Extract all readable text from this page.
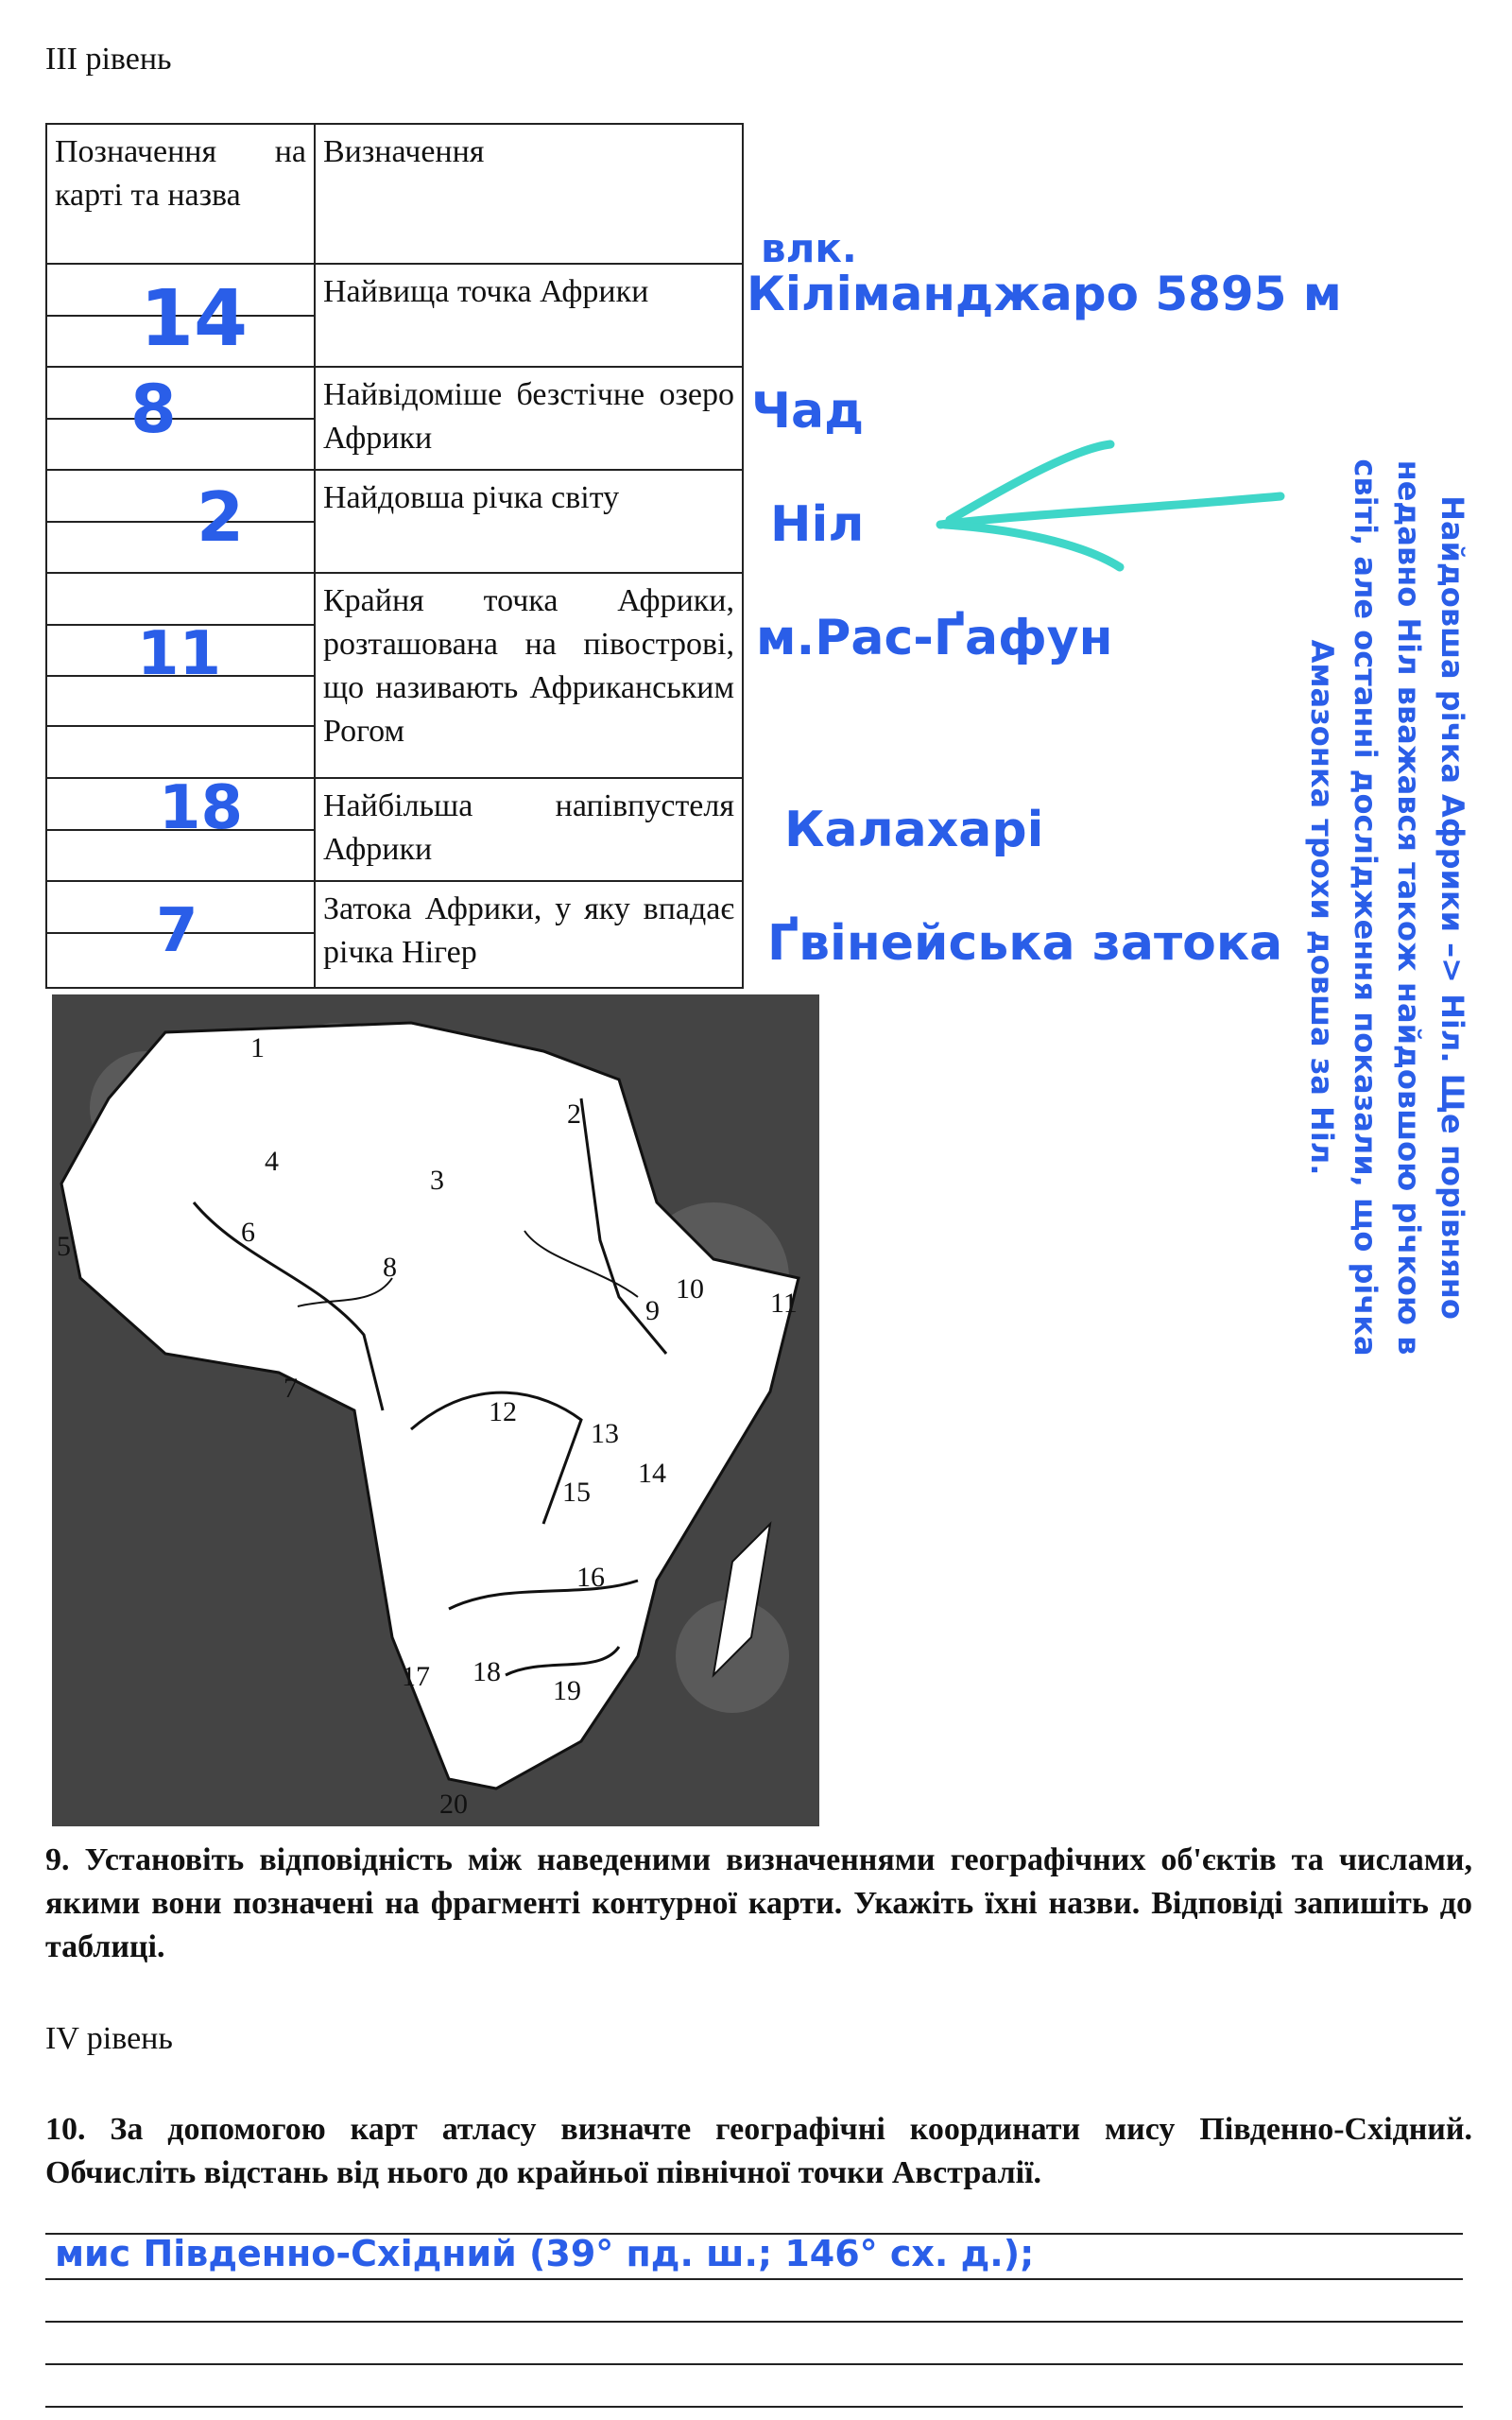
ІІІ рівень
Позначення на карті та назва
Визначення
Найвища точка Африки
Найвідоміше безстічне озеро Африки
Найдовша річка світу
Крайня точка Африки, розташована на півострові, що називають Африканським Рогом
Найбільша напівпустеля Африки
Затока Африки, у яку впадає річка Нігер
14
8
2
11
18
7
влк.
Кіліманджаро 5895 м
Чад
Ніл
м.Рас-Ґафун
Калахарі
Ґвінейська затока	Найдовша річка Африки –> Ніл. Ще порівняно недавно Ніл вважався також найдовшою річкою в світі, але останні дослідження показали, що річка Амазонка трохи довша за Ніл.
1
2
3
4
5	6
7
8
9
10 11
12
13
14
15
16
17 18
19
20
9. Установіть відповідність між наведеними визначеннями географічних об'єктів та числами, якими вони позначені на фрагменті контурної карти. Укажіть їхні назви. Відповіді запишіть до таблиці.
IV рівень
10. За допомогою карт атласу визначте географічні координати мису Південно-Східний. Обчисліть відстань від нього до крайньої північної точки Австралії.
мис Південно-Східний (39° пд. ш.; 146° сх. д.);
